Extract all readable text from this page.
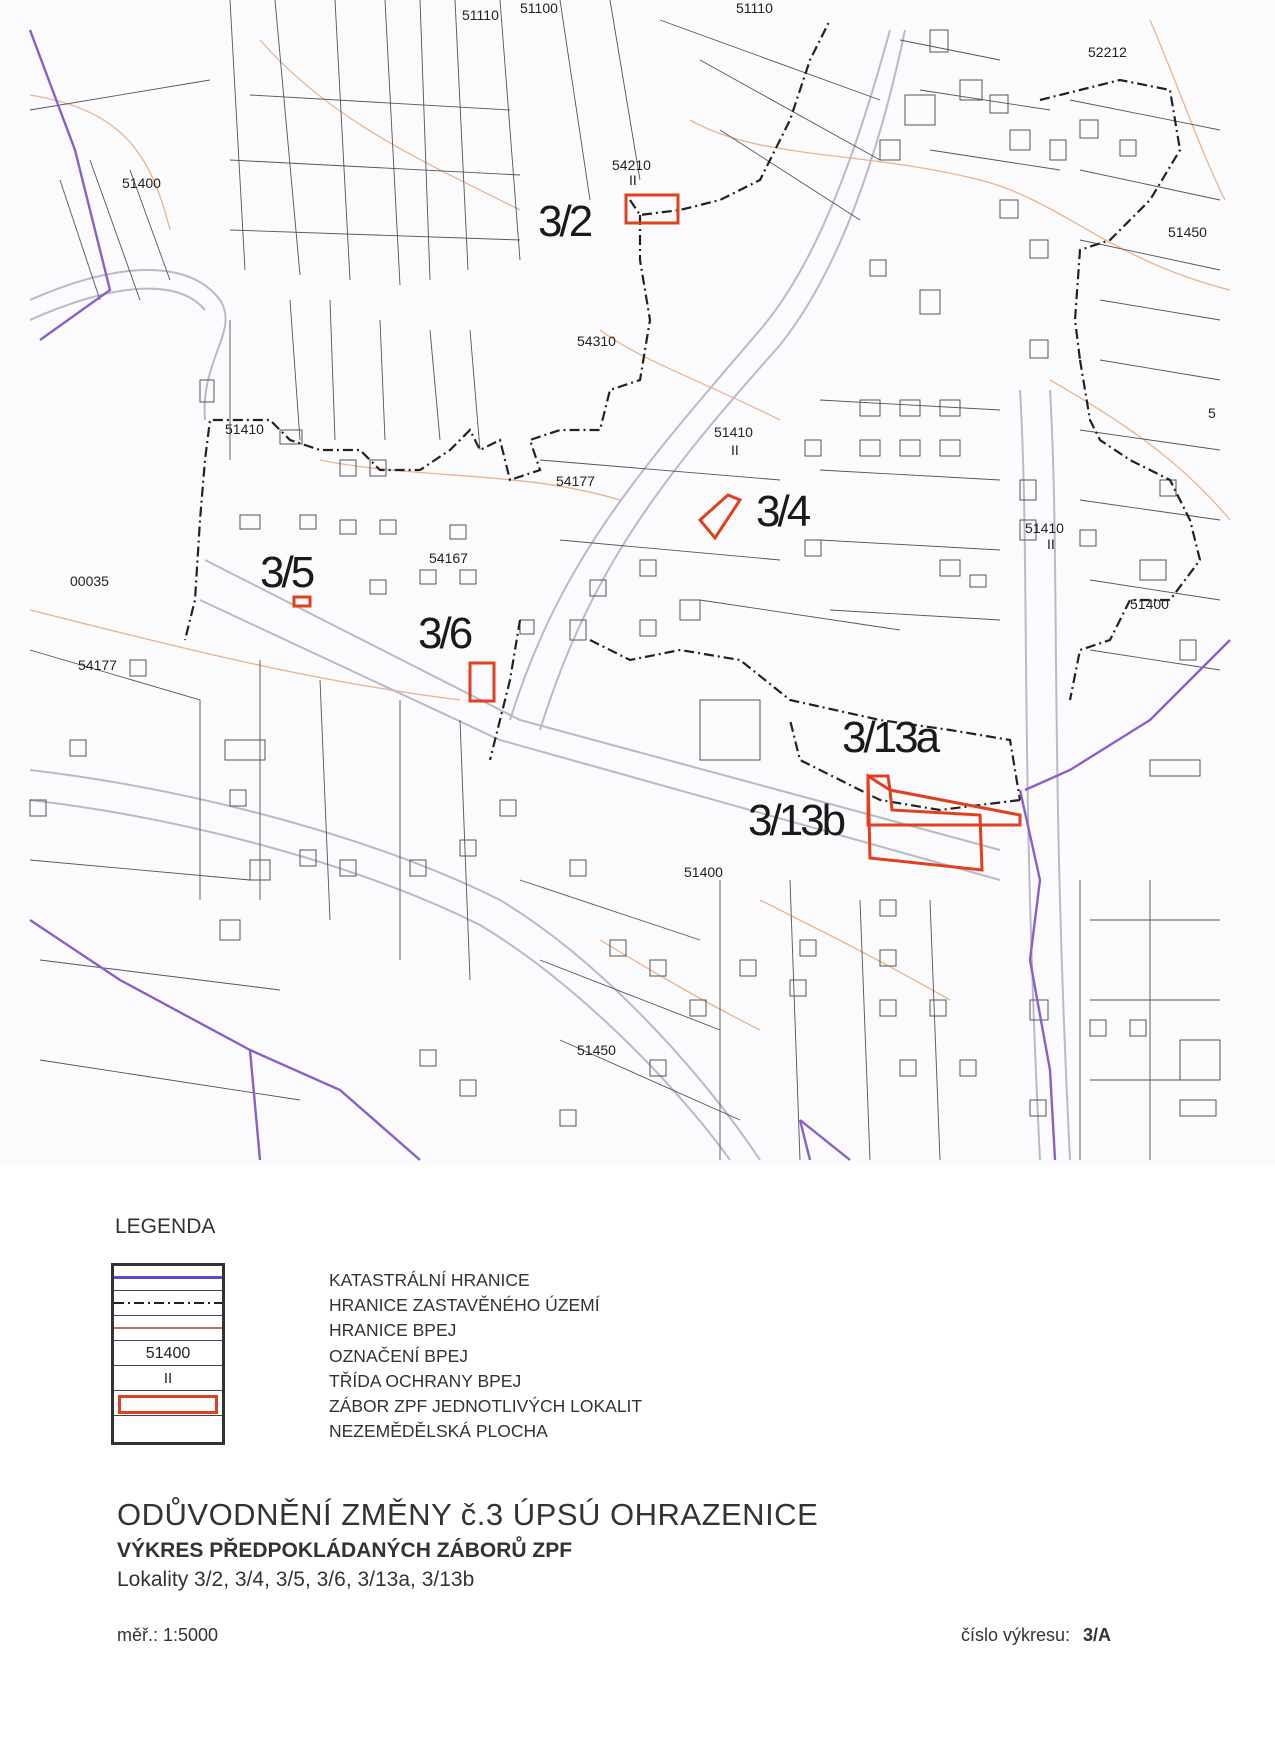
51110 51100	51110
52212
51400
54210
51450
54310
51410
54177
51410
51410
00035
54167
54177
51400
51400
51450
5
II
II
II
3/2
3/4
3/5
3/6
3/13a
3/13b
LEGENDA
51400
II
KATASTRÁLNÍ HRANICE
HRANICE ZASTAVĚNÉHO ÚZEMÍ
HRANICE BPEJ
OZNAČENÍ BPEJ
TŘÍDA OCHRANY BPEJ
ZÁBOR ZPF JEDNOTLIVÝCH LOKALIT
NEZEMĚDĚLSKÁ PLOCHA
ODŮVODNĚNÍ ZMĚNY č.3 ÚPSÚ OHRAZENICE
VÝKRES PŘEDPOKLÁDANÝCH ZÁBORŮ ZPF
Lokality 3/2, 3/4, 3/5, 3/6, 3/13a, 3/13b
měř.: 1:5000	číslo výkresu: 3/A
